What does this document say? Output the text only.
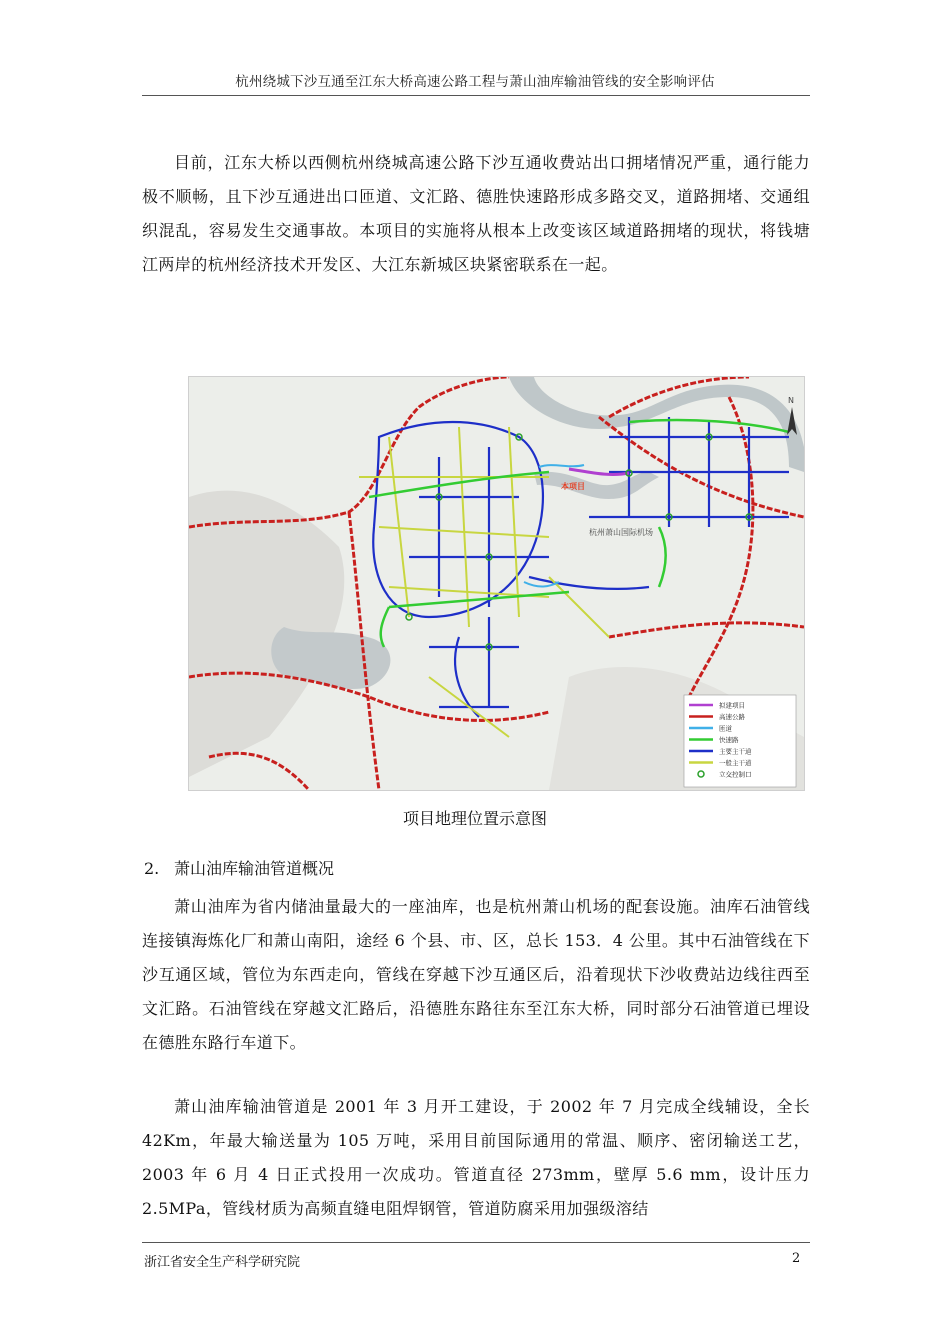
杭州绕城下沙互通至江东大桥高速公路工程与萧山油库输油管线的安全影响评估

目前，江东大桥以西侧杭州绕城高速公路下沙互通收费站出口拥堵情况严重，通行能力极不顺畅，且下沙互通进出口匝道、文汇路、德胜快速路形成多路交叉，道路拥堵、交通组织混乱，容易发生交通事故。本项目的实施将从根本上改变该区域道路拥堵的现状，将钱塘江两岸的杭州经济技术开发区、大江东新城区块紧密联系在一起。

本项目
杭州萧山国际机场
N
拟建项目
高速公路
匝道
快速路
主要主干道
一般主干道
立交控制口
项目地理位置示意图
2. 萧山油库输油管道概况

萧山油库为省内储油量最大的一座油库，也是杭州萧山机场的配套设施。油库石油管线连接镇海炼化厂和萧山南阳，途经 6 个县、市、区，总长 153．4 公里。其中石油管线在下沙互通区域，管位为东西走向，管线在穿越下沙互通区后，沿着现状下沙收费站边线往西至文汇路。石油管线在穿越文汇路后，沿德胜东路往东至江东大桥，同时部分石油管道已埋设在德胜东路行车道下。

萧山油库输油管道是 2001 年 3 月开工建设，于 2002 年 7 月完成全线辅设，全长 42Km，年最大输送量为 105 万吨，采用目前国际通用的常温、顺序、密闭输送工艺，2003 年 6 月 4 日正式投用一次成功。管道直径 273mm，壁厚 5.6 mm，设计压力 2.5MPa，管线材质为高频直缝电阻焊钢管，管道防腐采用加强级溶结

浙江省安全生产科学研究院	2
